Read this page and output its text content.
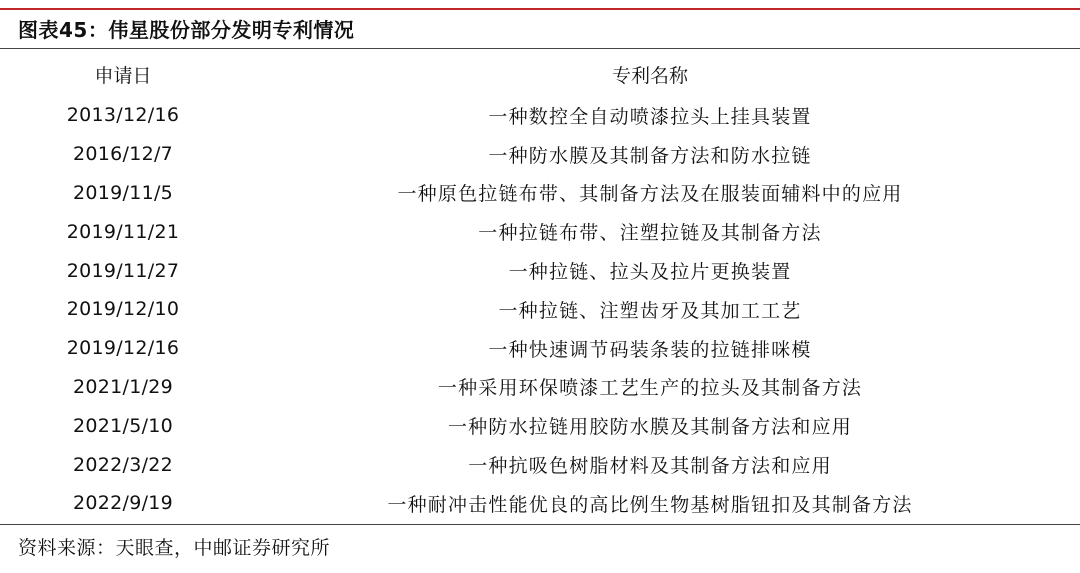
图表45：伟星股份部分发明专利情况
申请日	专利名称
2013/12/16	一种数控全自动喷漆拉头上挂具装置
2016/12/7	一种防水膜及其制备方法和防水拉链
2019/11/5	一种原色拉链布带、其制备方法及在服装面辅料中的应用
2019/11/21	一种拉链布带、注塑拉链及其制备方法
2019/11/27	一种拉链、拉头及拉片更换装置
2019/12/10	一种拉链、注塑齿牙及其加工工艺
2019/12/16	一种快速调节码装条装的拉链排咪模
2021/1/29	一种采用环保喷漆工艺生产的拉头及其制备方法
2021/5/10	一种防水拉链用胶防水膜及其制备方法和应用
2022/3/22	一种抗吸色树脂材料及其制备方法和应用
2022/9/19	一种耐冲击性能优良的高比例生物基树脂钮扣及其制备方法
资料来源：天眼查，中邮证券研究所
